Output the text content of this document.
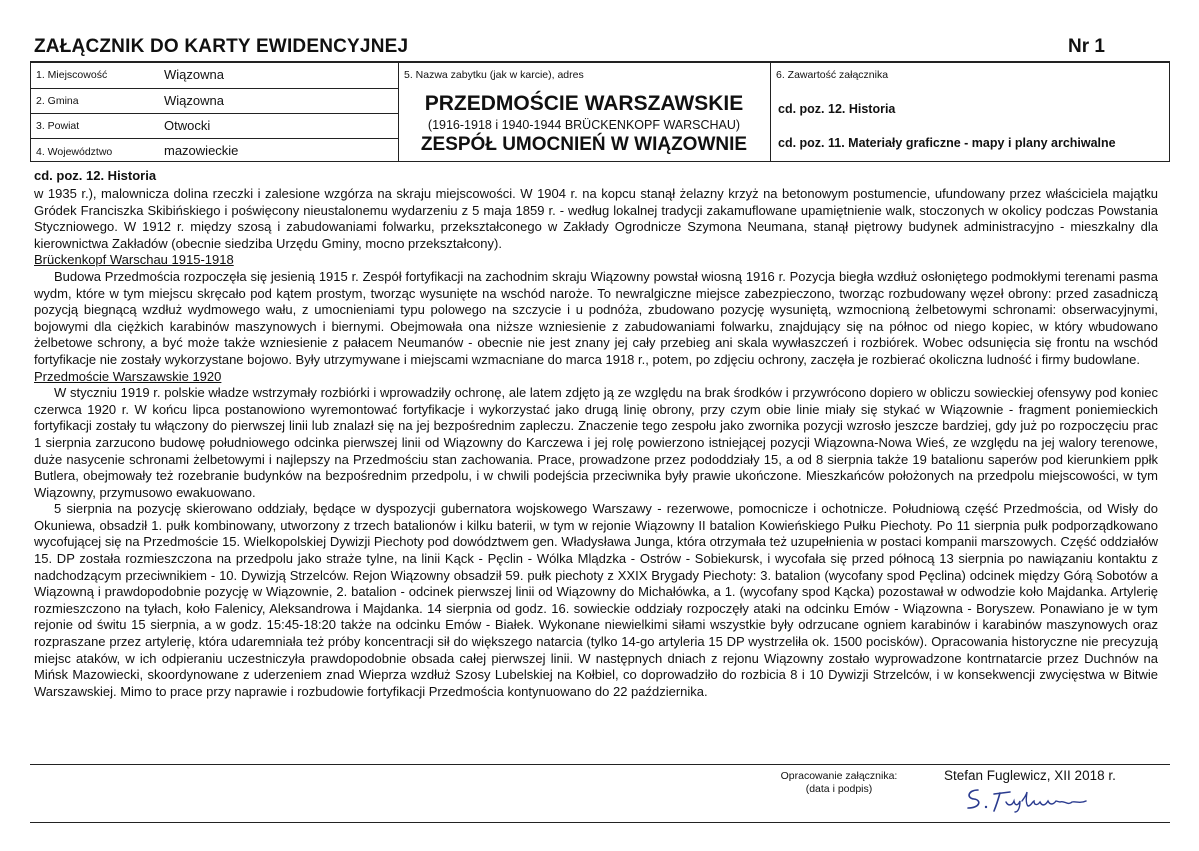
ZAŁĄCZNIK DO KARTY EWIDENCYJNEJ	Nr 1
1. Miejscowość	Wiązowna
2. Gmina	Wiązowna
3. Powiat	Otwocki
4. Województwo	mazowieckie
5. Nazwa zabytku (jak w karcie), adres
PRZEDMOŚCIE WARSZAWSKIE
(1916-1918 i 1940-1944 BRÜCKENKOPF WARSCHAU)
ZESPÓŁ UMOCNIEŃ W WIĄZOWNIE
6. Zawartość załącznika
cd. poz. 12. Historia
cd. poz. 11. Materiały graficzne - mapy i plany archiwalne
cd. poz. 12. Historia

w 1935 r.), malownicza dolina rzeczki i zalesione wzgórza na skraju miejscowości. W 1904 r. na kopcu stanął żelazny krzyż na betonowym postumencie, ufundowany przez właściciela majątku Gródek Franciszka Skibińskiego i poświęcony nieustalonemu wydarzeniu z 5 maja 1859 r. - według lokalnej tradycji zakamuflowane upamiętnienie walk, stoczonych w okolicy podczas Powstania Styczniowego. W 1912 r. między szosą i zabudowaniami folwarku, przekształconego w Zakłady Ogrodnicze Szymona Neumana, stanął piętrowy budynek administracyjno - mieszkalny dla kierownictwa Zakładów (obecnie siedziba Urzędu Gminy, mocno przekształcony).

Brückenkopf Warschau 1915-1918

Budowa Przedmościa rozpoczęła się jesienią 1915 r. Zespół fortyfikacji na zachodnim skraju Wiązowny powstał wiosną 1916 r. Pozycja biegła wzdłuż osłoniętego podmokłymi terenami pasma wydm, które w tym miejscu skręcało pod kątem prostym, tworząc wysunięte na wschód naroże. To newralgiczne miejsce zabezpieczono, tworząc rozbudowany węzeł obrony: przed zasadniczą pozycją biegnącą wzdłuż wydmowego wału, z umocnieniami typu polowego na szczycie i u podnóża, zbudowano pozycję wysuniętą, wzmocnioną żelbetowymi schronami: obserwacyjnymi, bojowymi dla ciężkich karabinów maszynowych i biernymi. Obejmowała ona niższe wzniesienie z zabudowaniami folwarku, znajdujący się na północ od niego kopiec, w który wbudowano żelbetowe schrony, a być może także wzniesienie z pałacem Neumanów - obecnie nie jest znany jej cały przebieg ani skala wywłaszczeń i rozbiórek. Wobec odsunięcia się frontu na wschód fortyfikacje nie zostały wykorzystane bojowo. Były utrzymywane i miejscami wzmacniane do marca 1918 r., potem, po zdjęciu ochrony, zaczęła je rozbierać okoliczna ludność i firmy budowlane.

Przedmoście Warszawskie 1920

W styczniu 1919 r. polskie władze wstrzymały rozbiórki i wprowadziły ochronę, ale latem zdjęto ją ze względu na brak środków i przywrócono dopiero w obliczu sowieckiej ofensywy pod koniec czerwca 1920 r. W końcu lipca postanowiono wyremontować fortyfikacje i wykorzystać jako drugą linię obrony, przy czym obie linie miały się stykać w Wiązownie - fragment poniemieckich fortyfikacji zostały tu włączony do pierwszej linii lub znalazł się na jej bezpośrednim zapleczu. Znaczenie tego zespołu jako zwornika pozycji wzrosło jeszcze bardziej, gdy już po rozpoczęciu prac 1 sierpnia zarzucono budowę południowego odcinka pierwszej linii od Wiązowny do Karczewa i jej rolę powierzono istniejącej pozycji Wiązowna-Nowa Wieś, ze względu na jej walory terenowe, duże nasycenie schronami żelbetowymi i najlepszy na Przedmościu stan zachowania. Prace, prowadzone przez pododdziały 15, a od 8 sierpnia także 19 batalionu saperów pod kierunkiem ppłk Butlera, obejmowały też rozebranie budynków na bezpośrednim przedpolu, i w chwili podejścia przeciwnika były prawie ukończone. Mieszkańców położonych na przedpolu miejscowości, w tym Wiązowny, przymusowo ewakuowano.

5 sierpnia na pozycję skierowano oddziały, będące w dyspozycji gubernatora wojskowego Warszawy - rezerwowe, pomocnicze i ochotnicze. Południową część Przedmościa, od Wisły do Okuniewa, obsadził 1. pułk kombinowany, utworzony z trzech batalionów i kilku baterii, w tym w rejonie Wiązowny II batalion Kowieńskiego Pułku Piechoty. Po 11 sierpnia pułk podporządkowano wycofującej się na Przedmoście 15. Wielkopolskiej Dywizji Piechoty pod dowództwem gen. Władysława Junga, która otrzymała też uzupełnienia w postaci kompanii marszowych. Część oddziałów 15. DP została rozmieszczona na przedpolu jako straże tylne, na linii Kąck - Pęclin - Wólka Mlądzka - Ostrów - Sobiekursk, i wycofała się przed północą 13 sierpnia po nawiązaniu kontaktu z nadchodzącym przeciwnikiem - 10. Dywizją Strzelców. Rejon Wiązowny obsadził 59. pułk piechoty z XXIX Brygady Piechoty: 3. batalion (wycofany spod Pęclina) odcinek między Górą Sobotów a Wiązowną i prawdopodobnie pozycję w Wiązownie, 2. batalion - odcinek pierwszej linii od Wiązowny do Michałówka, a 1. (wycofany spod Kącka) pozostawał w odwodzie koło Majdanka. Artylerię rozmieszczono na tyłach, koło Falenicy, Aleksandrowa i Majdanka. 14 sierpnia od godz. 16. sowieckie oddziały rozpoczęły ataki na odcinku Emów - Wiązowna - Boryszew. Ponawiano je w tym rejonie od świtu 15 sierpnia, a w godz. 15:45-18:20 także na odcinku Emów - Białek. Wykonane niewielkimi siłami wszystkie były odrzucane ogniem karabinów i karabinów maszynowych oraz rozpraszane przez artylerię, która udaremniała też próby koncentracji sił do większego natarcia (tylko 14-go artyleria 15 DP wystrzeliła ok. 1500 pocisków). Opracowania historyczne nie precyzują miejsc ataków, w ich odpieraniu uczestniczyła prawdopodobnie obsada całej pierwszej linii. W następnych dniach z rejonu Wiązowny zostało wyprowadzone kontrnatarcie przez Duchnów na Mińsk Mazowiecki, skoordynowane z uderzeniem znad Wieprza wzdłuż Szosy Lubelskiej na Kołbiel, co doprowadziło do rozbicia 8 i 10 Dywizji Strzelców, i w konsekwencji zwycięstwa w Bitwie Warszawskiej. Mimo to prace przy naprawie i rozbudowie fortyfikacji Przedmościa kontynuowano do 22 października.

Opracowanie załącznika:
(data i podpis)
Stefan Fuglewicz, XII 2018 r.
